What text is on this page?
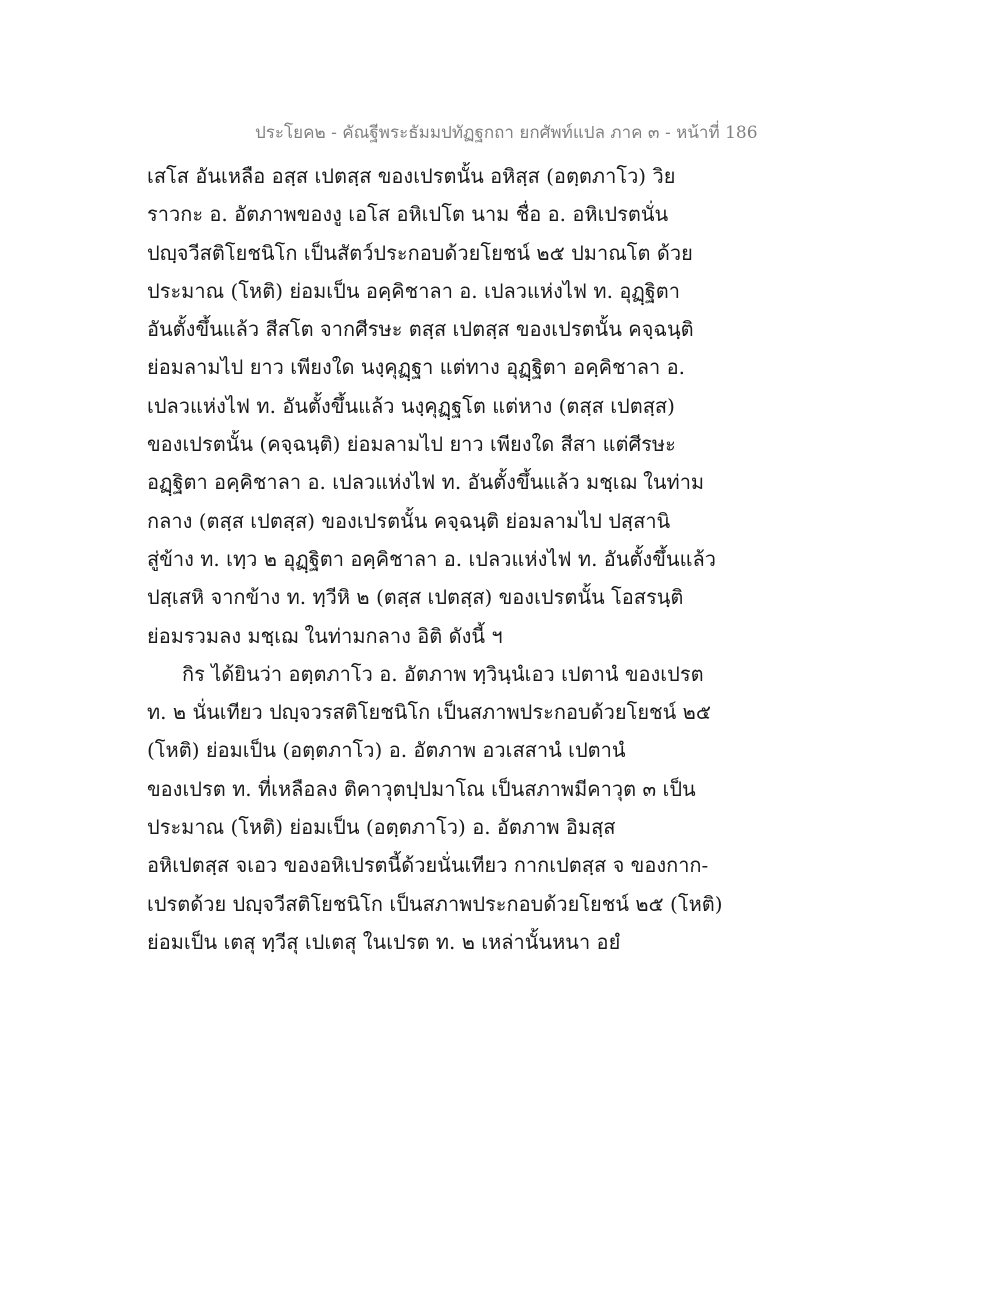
ประโยค๒ - คัณฐีพระธัมมปทัฏฐกถา ยกศัพท์แปล ภาค ๓ - หน้าที่ 186
เสโส อันเหลือ อสฺส เปตสฺส ของเปรตนั้น อหิสฺส (อตฺตภาโว) วิย
ราวกะ อ. อัตภาพของงู เอโส อหิเปโต นาม ชื่อ อ. อหิเปรตนั่น
ปญฺจวีสติโยชนิโก เป็นสัตว์ประกอบด้วยโยชน์ ๒๕ ปมาณโต ด้วย
ประมาณ (โหติ) ย่อมเป็น อคฺคิชาลา อ. เปลวแห่งไฟ ท. อุฏฺฐิตา
อันตั้งขึ้นแล้ว สีสโต จากศีรษะ ตสฺส เปตสฺส ของเปรตนั้น คจฺฉนฺติ
ย่อมลามไป ยาว เพียงใด นงฺคุฏฺฐา แต่ทาง อุฏฺฐิตา อคฺคิชาลา อ.
เปลวแห่งไฟ ท. อันตั้งขึ้นแล้ว นงฺคุฏฺฐโต แต่หาง (ตสฺส เปตสฺส)
ของเปรตนั้น (คจฺฉนฺติ) ย่อมลามไป ยาว เพียงใด สีสา แต่ศีรษะ
อฏฺฐิตา อคฺคิชาลา อ. เปลวแห่งไฟ ท. อันตั้งขึ้นแล้ว มชฺเฌ ในท่าม
กลาง (ตสฺส เปตสฺส) ของเปรตนั้น คจฺฉนฺติ ย่อมลามไป ปสฺสานิ
สู่ข้าง ท. เทฺว ๒ อุฏฺฐิตา อคฺคิชาลา อ. เปลวแห่งไฟ ท. อันตั้งขึ้นแล้ว
ปสฺเสหิ จากข้าง ท. ทฺวีหิ ๒ (ตสฺส เปตสฺส) ของเปรตนั้น โอสรนฺติ
ย่อมรวมลง มชฺเฌ ในท่ามกลาง อิติ ดังนี้ ฯ
กิร ได้ยินว่า อตฺตภาโว อ. อัตภาพ ทฺวินฺนํเอว เปตานํ ของเปรต
ท. ๒ นั่นเทียว ปญฺจวรสติโยชนิโก เป็นสภาพประกอบด้วยโยชน์ ๒๕
(โหติ) ย่อมเป็น (อตฺตภาโว) อ. อัตภาพ อวเสสานํ เปตานํ
ของเปรต ท. ที่เหลือลง ติคาวุตปฺปมาโณ เป็นสภาพมีคาวุต ๓ เป็น
ประมาณ (โหติ) ย่อมเป็น (อตฺตภาโว) อ. อัตภาพ อิมสฺส
อหิเปตสฺส จเอว ของอหิเปรตนี้ด้วยนั่นเทียว กากเปตสฺส จ ของกาก-
เปรตด้วย ปญฺจวีสติโยชนิโก เป็นสภาพประกอบด้วยโยชน์ ๒๕ (โหติ)
ย่อมเป็น เตสุ ทฺวีสุ เปเตสุ ในเปรต ท. ๒ เหล่านั้นหนา อยํ
